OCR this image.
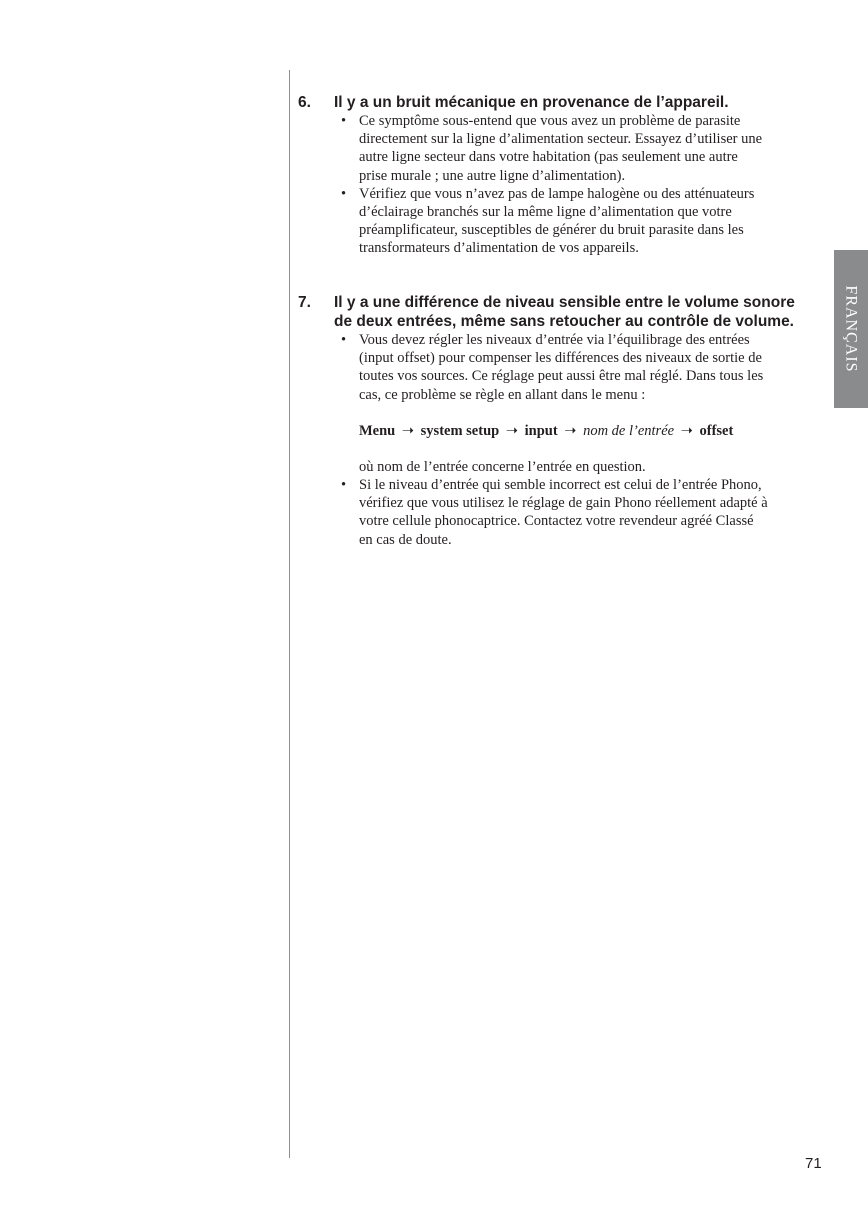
FRANÇAIS
6.	Il y a un bruit mécanique en provenance de l’appareil.
• Ce symptôme sous-entend que vous avez un problème de parasite directement sur la ligne d’alimentation secteur. Essayez d’utiliser une autre ligne secteur dans votre habitation (pas seulement une autre prise murale ; une autre ligne d’alimentation).
• Vérifiez que vous n’avez pas de lampe halogène ou des atténuateurs d’éclairage branchés sur la même ligne d’alimentation que votre préamplificateur, susceptibles de générer du bruit parasite dans les transformateurs d’alimentation de vos appareils.
7.	Il y a une différence de niveau sensible entre le volume sonore de deux entrées, même sans retoucher au contrôle de volume.
• Vous devez régler les niveaux d’entrée via l’équilibrage des entrées (input offset) pour compenser les différences des niveaux de sortie de toutes vos sources. Ce réglage peut aussi être mal réglé. Dans tous les cas, ce problème se règle en allant dans le menu :
Menu ➝ system setup ➝ input ➝ nom de l’entrée ➝ offset
où nom de l’entrée concerne l’entrée en question.
• Si le niveau d’entrée qui semble incorrect est celui de l’entrée Phono, vérifiez que vous utilisez le réglage de gain Phono réellement adapté à votre cellule phonocaptrice. Contactez votre revendeur agréé Classé en cas de doute.
71
